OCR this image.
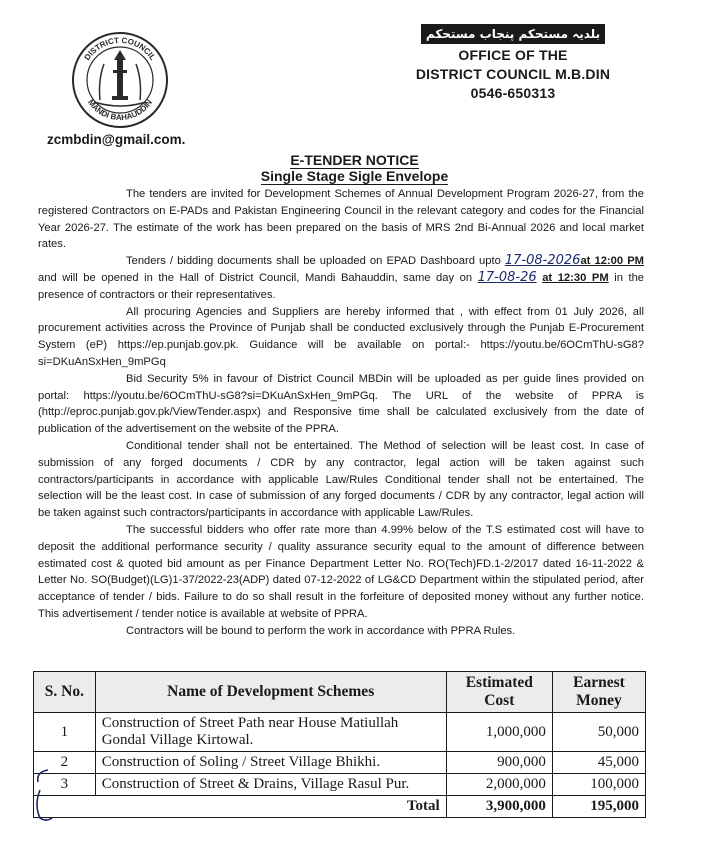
DISTRICT COUNCIL
MANDI BAHAUDDIN
بلدیہ مستحکم پنجاب مستحکم
OFFICE OF THE
DISTRICT COUNCIL M.B.DIN
0546-650313
zcmbdin@gmail.com.
E-TENDER NOTICE
Single Stage Sigle Envelope

The tenders are invited for Development Schemes of Annual Development Program 2026-27, from the registered Contractors on E-PADs and Pakistan Engineering Council in the relevant category and codes for the Financial Year 2026-27. The estimate of the work has been prepared on the basis of MRS 2nd Bi-Annual 2026 and local market rates.

Tenders / bidding documents shall be uploaded on EPAD Dashboard upto 17-08-2026at 12:00 PM and will be opened in the Hall of District Council, Mandi Bahauddin, same day on 17-08-26 at 12:30 PM in the presence of contractors or their representatives.

All procuring Agencies and Suppliers are hereby informed that , with effect from 01 July 2026, all procurement activities across the Province of Punjab shall be conducted exclusively through the Punjab E-Procurement System (eP) https://ep.punjab.gov.pk. Guidance will be available on portal:- https://youtu.be/6OCmThU-sG8?si=DKuAnSxHen_9mPGq

Bid Security 5% in favour of District Council MBDin will be uploaded as per guide lines provided on portal: https://youtu.be/6OCmThU-sG8?si=DKuAnSxHen_9mPGq. The URL of the website of PPRA is (http://eproc.punjab.gov.pk/ViewTender.aspx) and Responsive time shall be calculated exclusively from the date of publication of the advertisement on the website of the PPRA.

Conditional tender shall not be entertained. The Method of selection will be least cost. In case of submission of any forged documents / CDR by any contractor, legal action will be taken against such contractors/participants in accordance with applicable Law/Rules Conditional tender shall not be entertained. The selection will be the least cost. In case of submission of any forged documents / CDR by any contractor, legal action will be taken against such contractors/participants in accordance with applicable Law/Rules.

The successful bidders who offer rate more than 4.99% below of the T.S estimated cost will have to deposit the additional performance security / quality assurance security equal to the amount of difference between estimated cost & quoted bid amount as per Finance Department Letter No. RO(Tech)FD.1-2/2017 dated 16-11-2022 & Letter No. SO(Budget)(LG)1-37/2022-23(ADP) dated 07-12-2022 of LG&CD Department within the stipulated period, after acceptance of tender / bids. Failure to do so shall result in the forfeiture of deposited money without any further notice. This advertisement / tender notice is available at website of PPRA.

Contractors will be bound to perform the work in accordance with PPRA Rules.

S. No.	Name of Development Schemes	Estimated Cost	Earnest Money
1	Construction of Street Path near House Matiullah Gondal Village Kirtowal.	1,000,000	50,000
2	Construction of Soling / Street Village Bhikhi.	900,000	45,000
3	Construction of Street & Drains, Village Rasul Pur.	2,000,000	100,000
	Total	3,900,000	195,000
